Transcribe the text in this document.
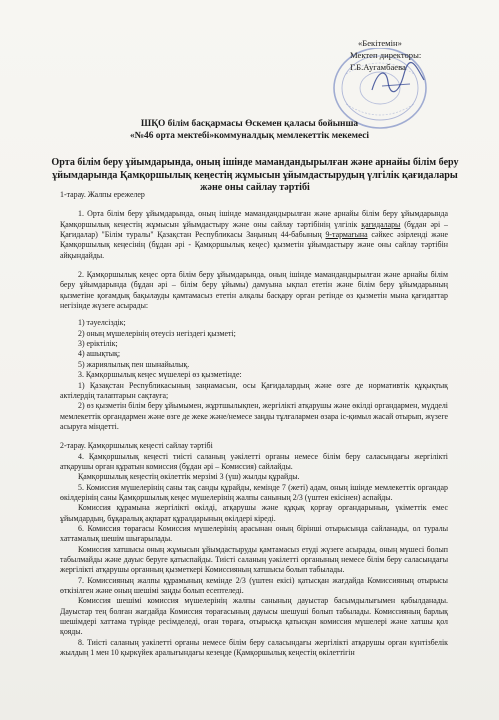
«Бекітемін»
Мектеп директоры:
Г.Б.Аугамбаева
ШҚО білім басқармасы Өскемен қаласы бойынша
«№46 орта мектебі»коммуналдық мемлекеттік мекемесі
Орта білім беру ұйымдарында, оның ішінде мамандандырылған және арнайы білім беру ұйымдарында Қамқоршылық кеңестің жұмысын ұйымдастырудың үлгілік қағидалары және оны сайлау тәртібі

1-тарау. Жалпы ережелер

1. Орта білім беру ұйымдарында, оның ішінде мамандандырылған және арнайы білім беру ұйымдарында Қамқоршылық кеңестің жұмысын ұйымдастыру және оны сайлау тәртібінің үлгілік қағидалары (бұдан әрі – Қағидалар) "Білім туралы" Қазақстан Республикасы Заңының 44-бабының 9-тармағына сәйкес әзірленді және Қамқоршылық кеңесінің (бұдан әрі - Қамқоршылық кеңес) қызметін ұйымдастыру және оны сайлау тәртібін айқындайды.

2. Қамқоршылық кеңес орта білім беру ұйымдарында, оның ішінде мамандандырылған және арнайы білім беру ұйымдарында (бұдан әрі – білім беру ұйымы) дамуына ықпал ететін және білім беру ұйымдарының қызметіне қоғамдық бақылауды қамтамасыз ететін алқалы басқару орган ретінде өз қызметін мына қағидаттар негізінде жүзеге асырады:

1) тәуелсіздік;

2) оның мүшелерінің өтеусіз негіздегі қызметі;

3) еріктілік;

4) ашықтық;

5) жариялылық пен шынайылық.

3. Қамқоршылық кеңес мүшелері өз қызметінде:

1) Қазақстан Республикасының заңнамасын, осы Қағидалардың және өзге де нормативтік құқықтық актілердің талаптарын сақтауға;

2) өз қызметін білім беру ұйымымен, жұртшылықпен, жергілікті атқарушы және өкілді органдармен, мүдделі мемлекеттік органдармен және өзге де жеке және/немесе заңды тұлғалармен өзара іс-қимыл жасай отырып, жүзеге асыруға міндетті.

2-тарау. Қамқоршылық кеңесті сайлау тәртібі

4. Қамқоршылық кеңесті тиісті саланың уәкілетті органы немесе білім беру саласындағы жергілікті атқарушы орган құратын комиссия (бұдан әрі – Комиссия) сайлайды.

Қамқоршылық кеңестің өкілеттік мерзімі 3 (үш) жылды құрайды.

5. Комиссия мүшелерінің саны тақ санды құрайды, кемінде 7 (жеті) адам, оның ішінде мемлекеттік органдар өкілдерінің саны Қамқоршылық кеңес мүшелерінің жалпы санының 2/3 (үштен екісінен) аспайды.

Комиссия құрамына жергілікті өкілді, атқарушы және құқық қорғау органдарының, үкіметтік емес ұйымдардың, бұқаралық ақпарат құралдарының өкілдері кіреді.

6. Комиссия төрағасы Комиссия мүшелерінің арасынан оның бірінші отырысында сайланады, ол туралы хаттамалық шешім шығарылады.

Комиссия хатшысы оның жұмысын ұйымдастыруды қамтамасыз етуді жүзеге асырады, оның мүшесі болып табылмайды және дауыс беруге қатыспайды. Тиісті саланың уәкілетті органының немесе білім беру саласындағы жергілікті атқарушы органның қызметкері Комиссияның хатшысы болып табылады.

7. Комиссияның жалпы құрамының кемінде 2/3 (үштен екісі) қатысқан жағдайда Комиссияның отырысы өткізілген және оның шешімі заңды болып есептеледі.

Комиссия шешімі комиссия мүшелерінің жалпы санының дауыстар басымдылығымен қабылданады. Дауыстар тең болған жағдайда Комиссия төрағасының дауысы шешуші болып табылады. Комиссияның барлық шешімдері хаттама түрінде ресімделеді, оған төраға, отырысқа қатысқан комиссия мүшелері және хатшы қол қояды.

8. Тиісті саланың уәкілетті органы немесе білім беру саласындағы жергілікті атқарушы орган күнтізбелік жылдың 1 мен 10 қыркүйек аралығындағы кезеңде (Қамқоршылық кеңестің өкілеттігін
